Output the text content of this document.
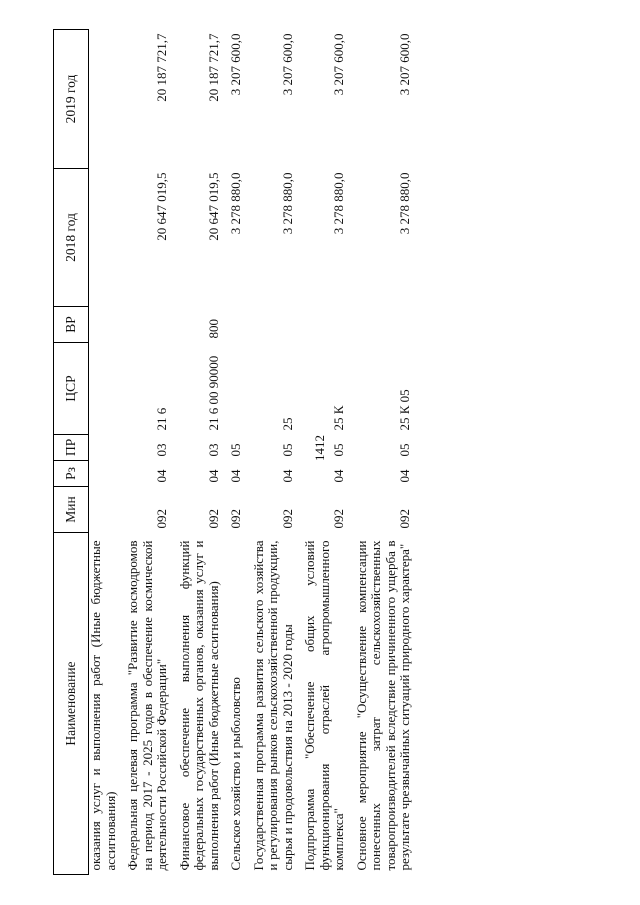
1412
Наименование	Мин	Рз	ПР	ЦСР	ВР	2018 год	2019 год
оказания услуг и выполнения работ (Иные бюджетные ассигнования)							
Федеральная целевая программа "Развитие космодромов на период 2017 - 2025 годов в обеспечение космической деятельности Российской Федерации"	092	04	03	21 6		20 647 019,5	20 187 721,7
Финансовое обеспечение выполнения функций федеральных государственных органов, оказания услуг и выполнения работ (Иные бюджетные ассигнования)	092	04	03	21 6 00 90000	800	20 647 019,5	20 187 721,7
Сельское хозяйство и рыболовство	092	04	05			3 278 880,0	3 207 600,0
Государственная программа развития сельского хозяйства и регулирования рынков сельскохозяйственной продукции, сырья и продовольствия на 2013 - 2020 годы	092	04	05	25		3 278 880,0	3 207 600,0
Подпрограмма "Обеспечение общих условий функционирования отраслей агропромышленного комплекса"	092	04	05	25 К		3 278 880,0	3 207 600,0
Основное мероприятие "Осуществление компенсации понесенных затрат сельскохозяйственных товаропроизводителей вследствие причиненного ущерба в результате чрезвычайных ситуаций природного характера"	092	04	05	25 К 05		3 278 880,0	3 207 600,0
